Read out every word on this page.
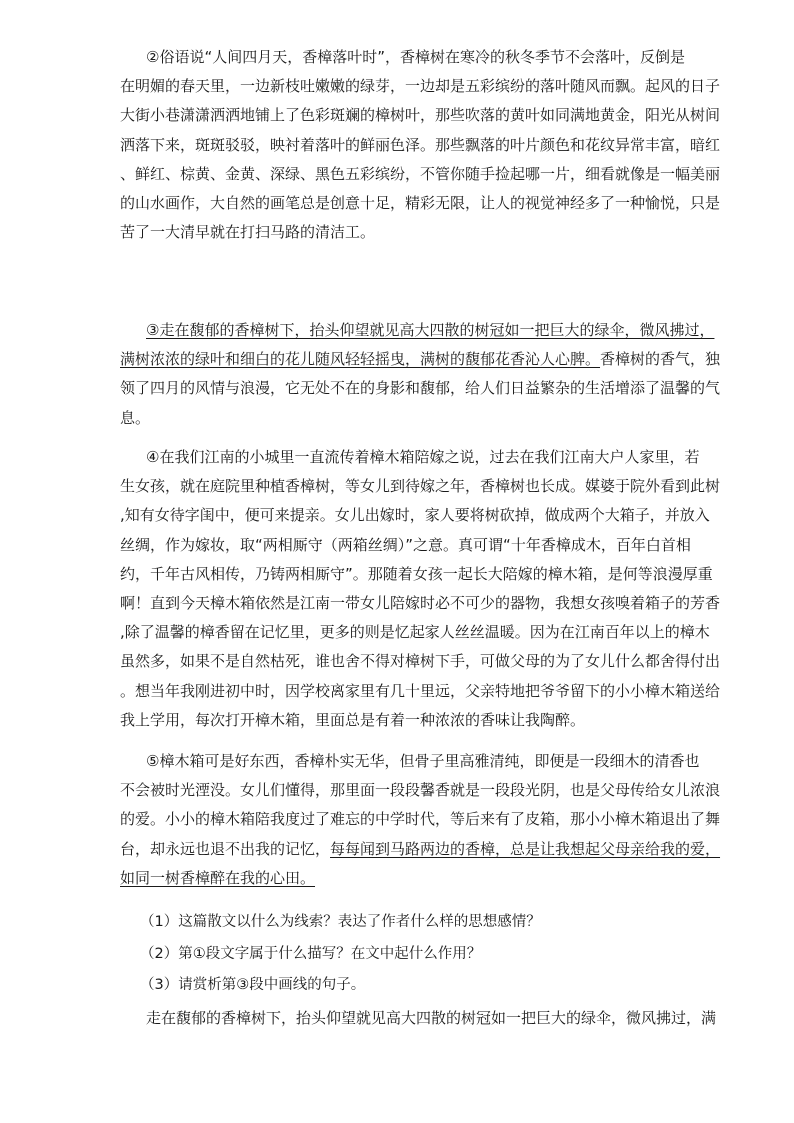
②俗语说“人间四月天，香樟落叶时”，香樟树在寒冷的秋冬季节不会落叶，反倒是
在明媚的春天里，一边新枝吐嫩嫩的绿芽，一边却是五彩缤纷的落叶随风而飘。起风的日子
大街小巷潇潇洒洒地铺上了色彩斑斓的樟树叶，那些吹落的黄叶如同满地黄金，阳光从树间
洒落下来，斑斑驳驳，映衬着落叶的鲜丽色泽。那些飘落的叶片颜色和花纹异常丰富，暗红
、鲜红、棕黄、金黄、深绿、黑色五彩缤纷，不管你随手捡起哪一片，细看就像是一幅美丽
的山水画作，大自然的画笔总是创意十足，精彩无限，让人的视觉神经多了一种愉悦，只是
苦了一大清早就在打扫马路的清洁工。
③走在馥郁的香樟树下，抬头仰望就见高大四散的树冠如一把巨大的绿伞，微风拂过，
满树浓浓的绿叶和细白的花儿随风轻轻摇曳，满树的馥郁花香沁人心脾。香樟树的香气，独
领了四月的风情与浪漫，它无处不在的身影和馥郁，给人们日益繁杂的生活增添了温馨的气
息。
④在我们江南的小城里一直流传着樟木箱陪嫁之说，过去在我们江南大户人家里，若
生女孩，就在庭院里种植香樟树，等女儿到待嫁之年，香樟树也长成。媒婆于院外看到此树
,知有女待字闺中，便可来提亲。女儿出嫁时，家人要将树砍掉，做成两个大箱子，并放入
丝绸，作为嫁妆，取“两相厮守（两箱丝绸）”之意。真可谓“十年香樟成木，百年白首相
约，千年古风相传，乃铸两相厮守”。那随着女孩一起长大陪嫁的樟木箱，是何等浪漫厚重
啊！直到今天樟木箱依然是江南一带女儿陪嫁时必不可少的器物，我想女孩嗅着箱子的芳香
,除了温馨的樟香留在记忆里，更多的则是忆起家人丝丝温暖。因为在江南百年以上的樟木
虽然多，如果不是自然枯死，谁也舍不得对樟树下手，可做父母的为了女儿什么都舍得付出
。想当年我刚进初中时，因学校离家里有几十里远，父亲特地把爷爷留下的小小樟木箱送给
我上学用，每次打开樟木箱，里面总是有着一种浓浓的香味让我陶醉。
⑤樟木箱可是好东西，香樟朴实无华，但骨子里高雅清纯，即便是一段细木的清香也
不会被时光湮没。女儿们懂得，那里面一段段馨香就是一段段光阴，也是父母传给女儿浓浪
的爱。小小的樟木箱陪我度过了难忘的中学时代，等后来有了皮箱，那小小樟木箱退出了舞
台，却永远也退不出我的记忆，每每闻到马路两边的香樟，总是让我想起父母亲给我的爱，
如同一树香樟醉在我的心田。

（1）这篇散文以什么为线索？表达了作者什么样的思想感情？

（2）第①段文字属于什么描写？在文中起什么作用？

（3）请赏析第③段中画线的句子。

走在馥郁的香樟树下，抬头仰望就见高大四散的树冠如一把巨大的绿伞，微风拂过，满
